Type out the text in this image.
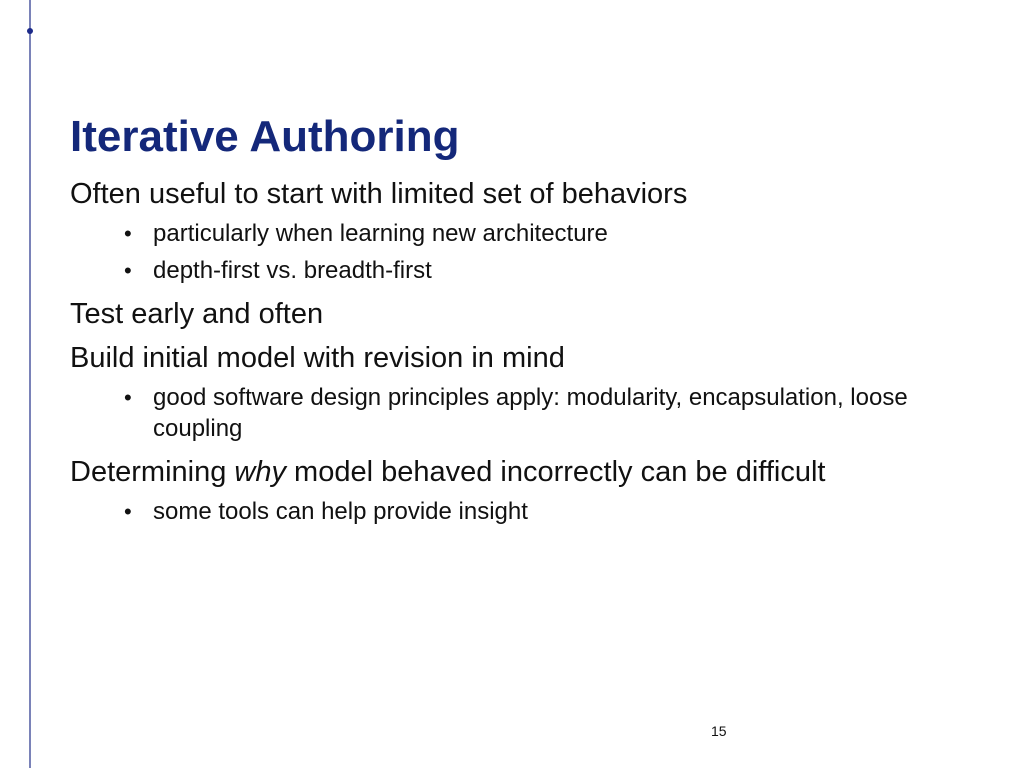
Iterative Authoring

Often useful to start with limited set of behaviors

• particularly when learning new architecture
• depth-first vs. breadth-first

Test early and often

Build initial model with revision in mind

• good software design principles apply: modularity, encapsulation, loose coupling

Determining why model behaved incorrectly can be difficult

• some tools can help provide insight
15
